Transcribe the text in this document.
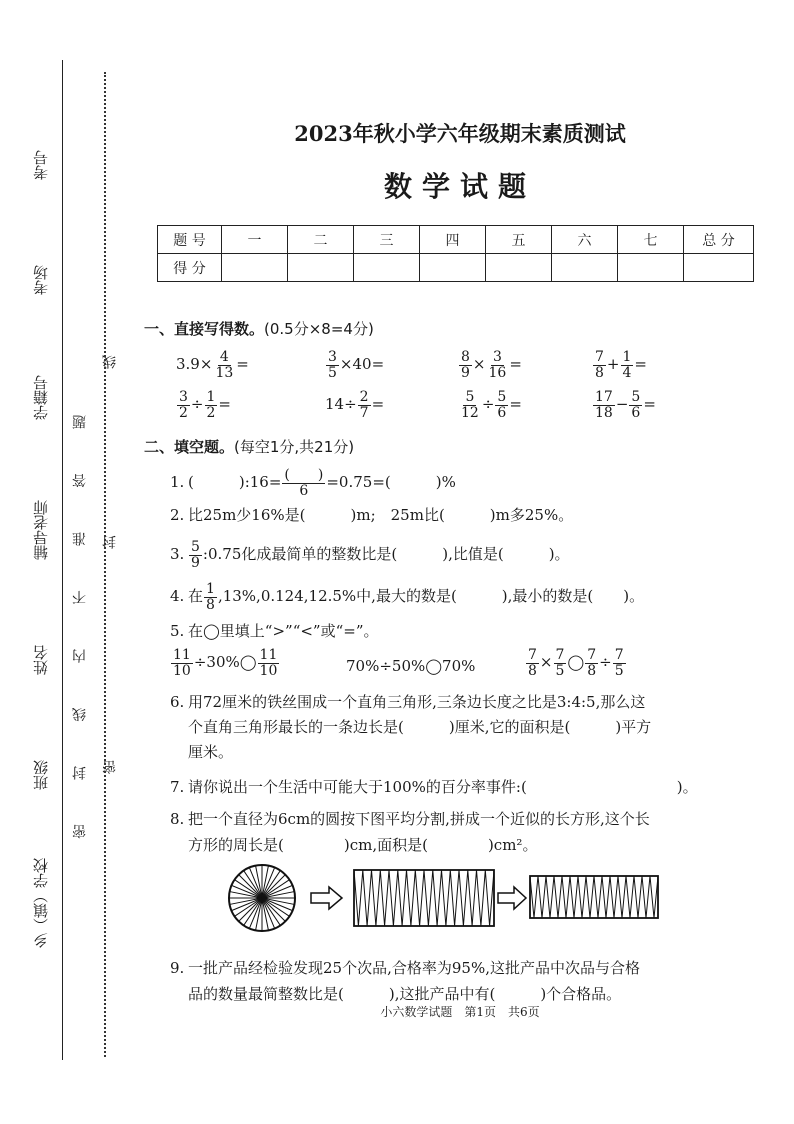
考号
考场
学籍号
辅导老师
姓名
班级
乡（镇）学校
密 封 线 内 不 准 答 题
线
封
密
2023年秋小学六年级期末素质测试
数学试题
题 号	一	二	三	四	五	六	七	总 分
得 分								
一、直接写得数。(0.5分×8=4分)
$3.9\times \frac{4}{13}$ =	$\frac{3}{5} \times 40=$	$\frac{8}{9} \times \frac{3}{16}$ =	$\frac{7}{8} + \frac{1}{4}$ =
$\frac{3}{2} \div \frac{1}{2}$ =	$14\div \frac{2}{7}$ =	$\frac{5}{12} \div \frac{5}{6}$ =	$\frac{17}{18} - \frac{5}{6}$ =
二、填空题。(每空1分,共21分)
1. (　　　):16= $\frac{( )}{6} =0.75=$(　　　)%
2. 比25m少16%是(　　　)m;　25m比(　　　)m多25%。
3. $\frac{5}{9}$ :0.75化成最简单的整数比是(　　　),比值是(　　　)。
4. 在 $\frac{1}{8} ,13\%,0.124,12.5\%$中,最大的数是(　　　),最小的数是(　　)。
5. 在◯里填上“>”“<”或“=”。
$\frac{11}{10}$ ÷30%◯ $\frac{11}{10}$	70%÷50%◯70%	$\frac{7}{8} \times \frac{7}{5}$ ◯ $\frac{7}{8} \div \frac{7}{5}$
6. 用72厘米的铁丝围成一个直角三角形,三条边长度之比是3:4:5,那么这
个直角三角形最长的一条边长是(　　　)厘米,它的面积是(　　　)平方
厘米。
7. 请你说出一个生活中可能大于100%的百分率事件:(　　　　　　　　　　)。
8. 把一个直径为6cm的圆按下图平均分割,拼成一个近似的长方形,这个长
方形的周长是(　　　　)cm,面积是(　　　　)cm²。
9. 一批产品经检验发现25个次品,合格率为95%,这批产品中次品与合格
品的数量最简整数比是(　　　),这批产品中有(　　　)个合格品。
小六数学试题　第1页　共6页
